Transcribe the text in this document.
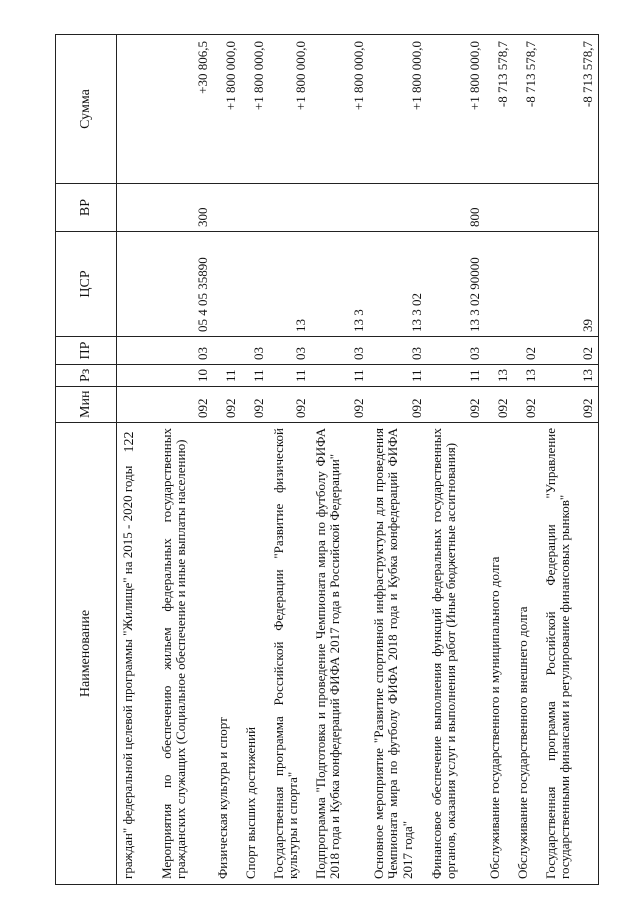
122
Наименование	Мин	Рз	ПР	ЦСР	ВР	Сумма
граждан" федеральной целевой программы "Жилище" на 2015 - 2020 годы						
Мероприятия по обеспечению жильем федеральных государственных гражданских служащих (Социальное обеспечение и иные выплаты населению)	092	10	03	05 4 05 35890	300	+30 806,5
Физическая культура и спорт	092	11				+1 800 000,0
Спорт высших достижений	092	11	03			+1 800 000,0
Государственная программа Российской Федерации "Развитие физической культуры и спорта"	092	11	03	13		+1 800 000,0
Подпрограмма "Подготовка и проведение Чемпионата мира по футболу ФИФА 2018 года и Кубка конфедераций ФИФА 2017 года в Российской Федерации"	092	11	03	13 3		+1 800 000,0
Основное мероприятие "Развитие спортивной инфраструктуры для проведения Чемпионата мира по футболу ФИФА 2018 года и Кубка конфедераций ФИФА 2017 года"	092	11	03	13 3 02		+1 800 000,0
Финансовое обеспечение выполнения функций федеральных государственных органов, оказания услуг и выполнения работ (Иные бюджетные ассигнования)	092	11	03	13 3 02 90000	800	+1 800 000,0
Обслуживание государственного и муниципального долга	092	13				-8 713 578,7
Обслуживание государственного внешнего долга	092	13	02			-8 713 578,7
Государственная программа Российской Федерации "Управление государственными финансами и регулирование финансовых рынков"	092	13	02	39		-8 713 578,7
